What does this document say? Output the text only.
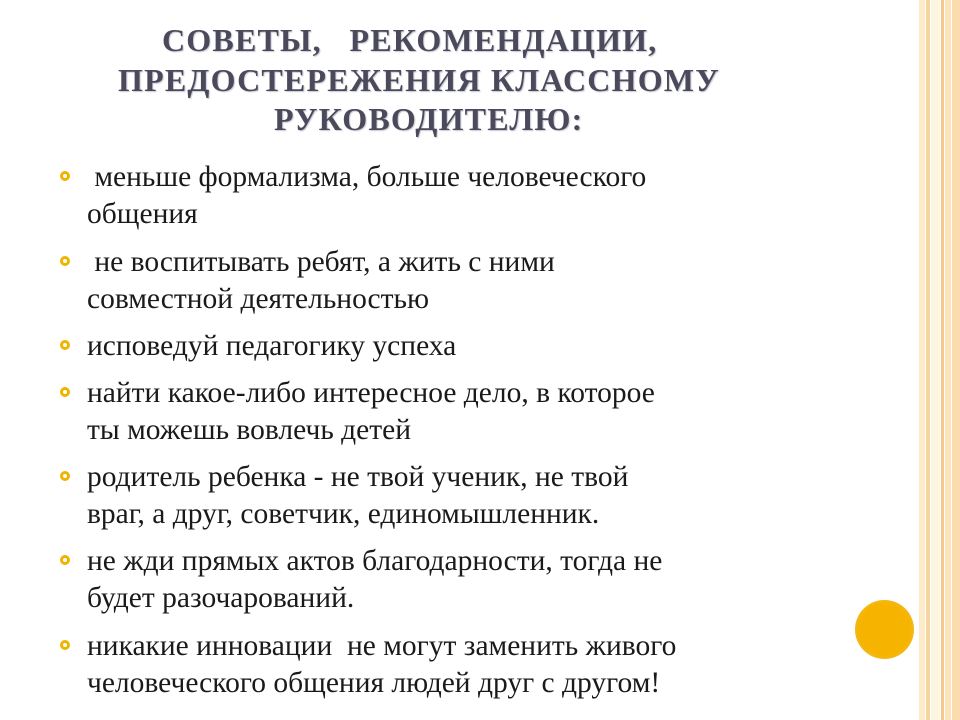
СОВЕТЫ,   РЕКОМЕНДАЦИИ,
ПРЕДОСТЕРЕЖЕНИЯ КЛАССНОМУ
РУКОВОДИТЕЛЮ:
меньше формализма, больше человеческого
общения
не воспитывать ребят, а жить с ними
совместной деятельностью
исповедуй педагогику успеха
найти какое-либо интересное дело, в которое
ты можешь вовлечь детей
родитель ребенка - не твой ученик, не твой
враг, а друг, советчик, единомышленник.
не жди прямых актов благодарности, тогда не
будет разочарований.
никакие инновации  не могут заменить живого
человеческого общения людей друг с другом!
